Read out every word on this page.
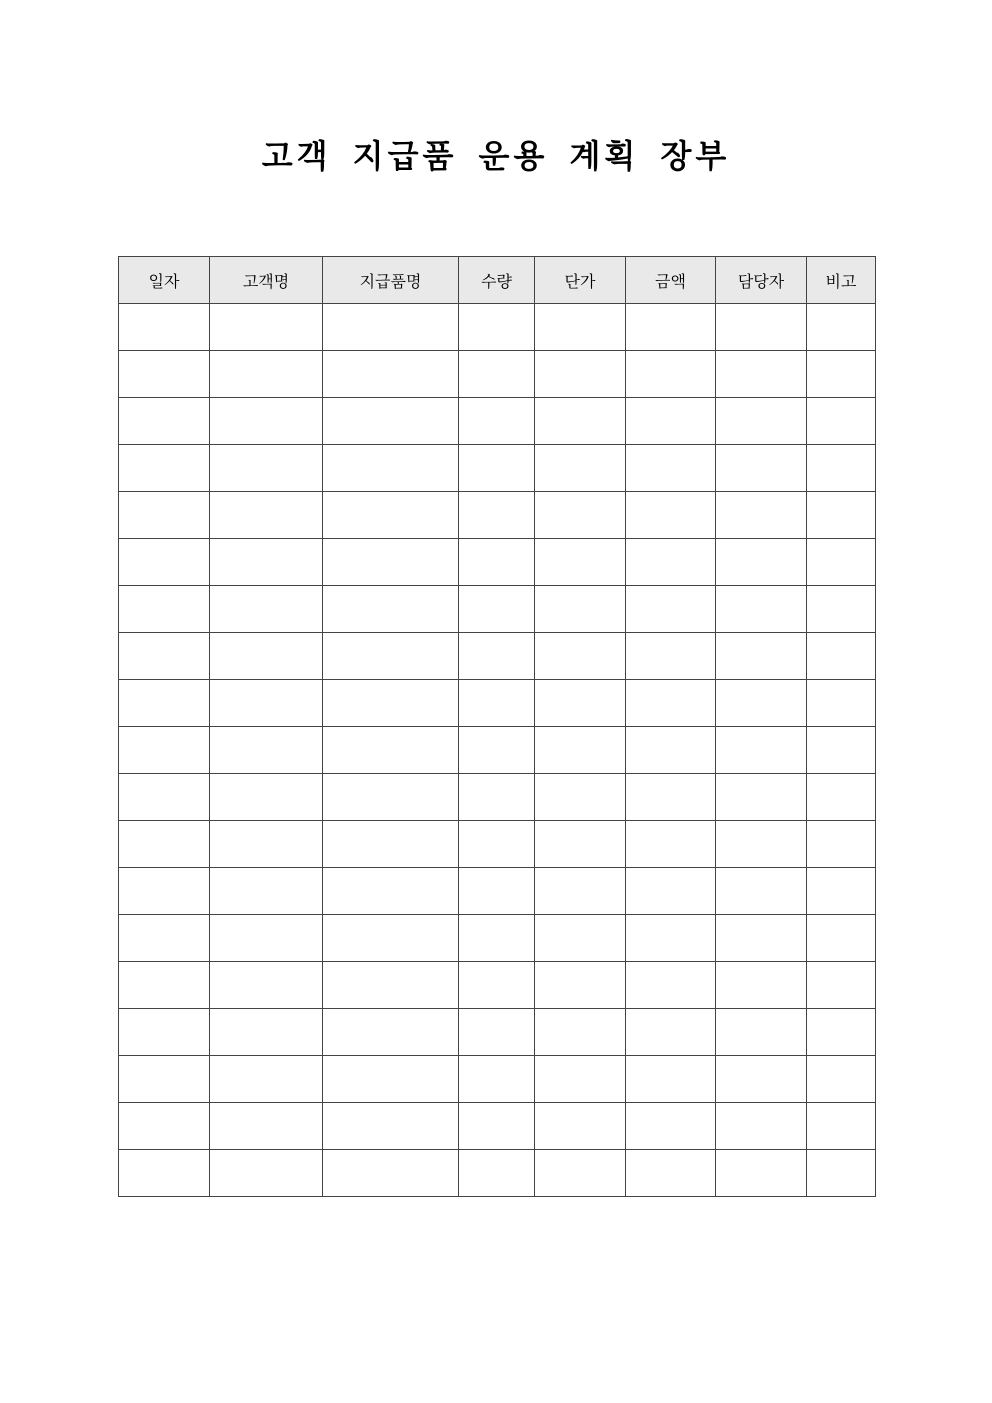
고객 지급품 운용 계획 장부
일자	고객명	지급품명	수량	단가	금액	담당자	비고
